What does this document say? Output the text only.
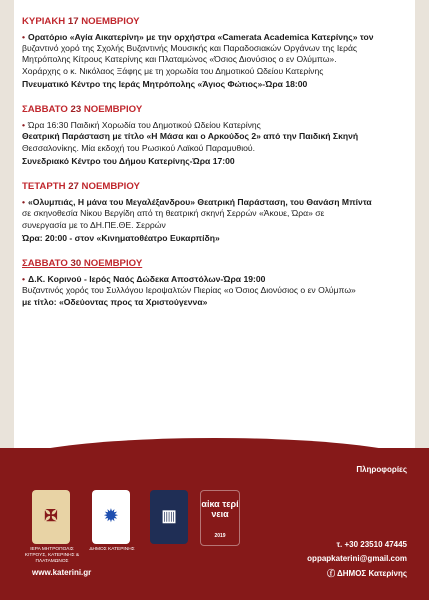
ΚΥΡΙΑΚΗ 17 ΝΟΕΜΒΡΙΟΥ
• Ορατόριο «Αγία Αικατερίνη» με την ορχήστρα «Camerata Academica Κατερίνης» τον
βυζαντινό χορό της Σχολής Βυζαντινής Μουσικής και Παραδοσιακών Οργάνων της Ιεράς
Μητρόπολης Κίτρους Κατερίνης και Πλαταμώνος «Όσιος Διονύσιος ο εν Ολύμπω».
Χοράρχης ο κ. Νικόλαος Ξάφης με τη χορωδία του Δημοτικού Ωδείου Κατερίνης
Πνευματικό Κέντρο της Ιεράς Μητρόπολης «Άγιος Φώτιος»-Ώρα 18:00
ΣΑΒΒΑΤΟ 23 ΝΟΕΜΒΡΙΟΥ
• Ώρα 16:30 Παιδική Χορωδία του Δημοτικού Ωδείου Κατερίνης
Θεατρική Παράσταση με τίτλο «Η Μάσα και ο Αρκούδος 2» από την Παιδική Σκηνή
Θεσσαλονίκης. Μία εκδοχή του Ρωσικού Λαϊκού Παραμυθιού.
Συνεδριακό Κέντρο του Δήμου Κατερίνης-Ώρα 17:00
ΤΕΤΑΡΤΗ 27 ΝΟΕΜΒΡΙΟΥ
• «Ολυμπιάς, Η μάνα του Μεγαλέξανδρου» Θεατρική Παράσταση, του Θανάση Μπίντα
σε σκηνοθεσία Νίκου Βεργίδη από τη θεατρική σκηνή Σερρών «Άκουε, Ώρα» σε
συνεργασία με το ΔΗ.ΠΕ.ΘΕ. Σερρών
Ώρα: 20:00 - στον «Κινηματοθέατρο Ευκαρπίδη»
ΣΑΒΒΑΤΟ 30 ΝΟΕΜΒΡΙΟΥ
• Δ.Κ. Κορινού - Ιερός Ναός Δώδεκα Αποστόλων-Ώρα 19:00
Βυζαντινός χορός του Συλλόγου Ιεροψαλτών Πιερίας «ο Όσιος Διονύσιος ο εν Ολύμπω»
με τίτλο: «Οδεύοντας προς τα Χριστούγεννα»
Πληροφορίες
✠
ΙΕΡΑ ΜΗΤΡΟΠΟΛΙΣ ΚΙΤΡΟΥΣ, ΚΑΤΕΡΙΝΗΣ & ΠΛΑΤΑΜΩΝΟΣ
✹
ΔΗΜΟΣ ΚΑΤΕΡΙΝΗΣ
▥
αἰκα τερί νεια
2019
τ. +30 23510 47445
oppapkaterini@gmail.com
ⓕ ΔΗΜΟΣ Κατερίνης
www.katerini.gr
